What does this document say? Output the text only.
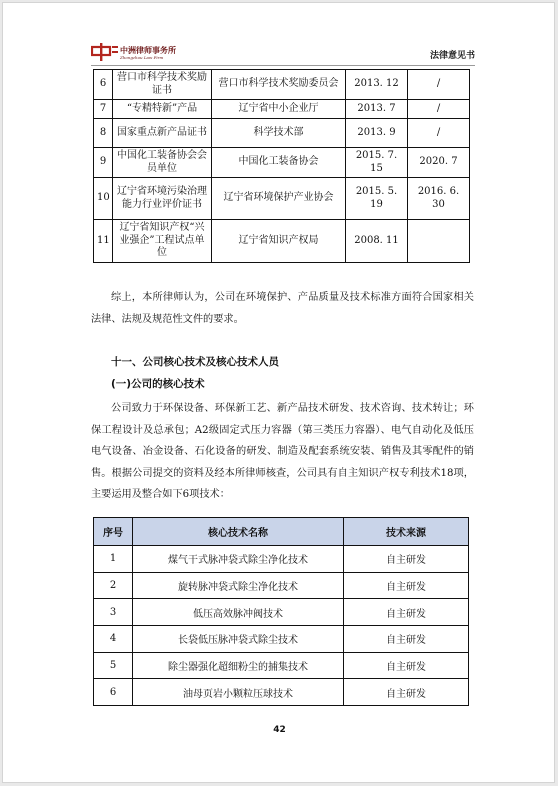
中洲律师事务所
Zhongzhou Law Firm	法律意见书
6	营口市科学技术奖励证书	营口市科学技术奖励委员会	2013. 12	/
7	“专精特新”产品	辽宁省中小企业厅	2013. 7	/
8	国家重点新产品证书	科学技术部	2013. 9	/
9	中国化工装备协会会员单位	中国化工装备协会	2015. 7. 15	2020. 7
10	辽宁省环境污染治理能力行业评价证书	辽宁省环境保护产业协会	2015. 5. 19	2016. 6. 30
11	辽宁省知识产权“兴业强企”工程试点单位	辽宁省知识产权局	2008. 11	

综上，本所律师认为，公司在环境保护、产品质量及技术标准方面符合国家相关法律、法规及规范性文件的要求。

十一、公司核心技术及核心技术人员

(一)公司的核心技术

公司致力于环保设备、环保新工艺、新产品技术研发、技术咨询、技术转让；环保工程设计及总承包；A2级固定式压力容器（第三类压力容器）、电气自动化及低压电气设备、冶金设备、石化设备的研发、制造及配套系统安装、销售及其零配件的销售。根据公司提交的资料及经本所律师核查，公司具有自主知识产权专利技术18项，主要运用及整合如下6项技术：

序号	核心技术名称	技术来源
1	煤气干式脉冲袋式除尘净化技术	自主研发
2	旋转脉冲袋式除尘净化技术	自主研发
3	低压高效脉冲阀技术	自主研发
4	长袋低压脉冲袋式除尘技术	自主研发
5	除尘器强化超细粉尘的捕集技术	自主研发
6	油母页岩小颗粒压球技术	自主研发
42
